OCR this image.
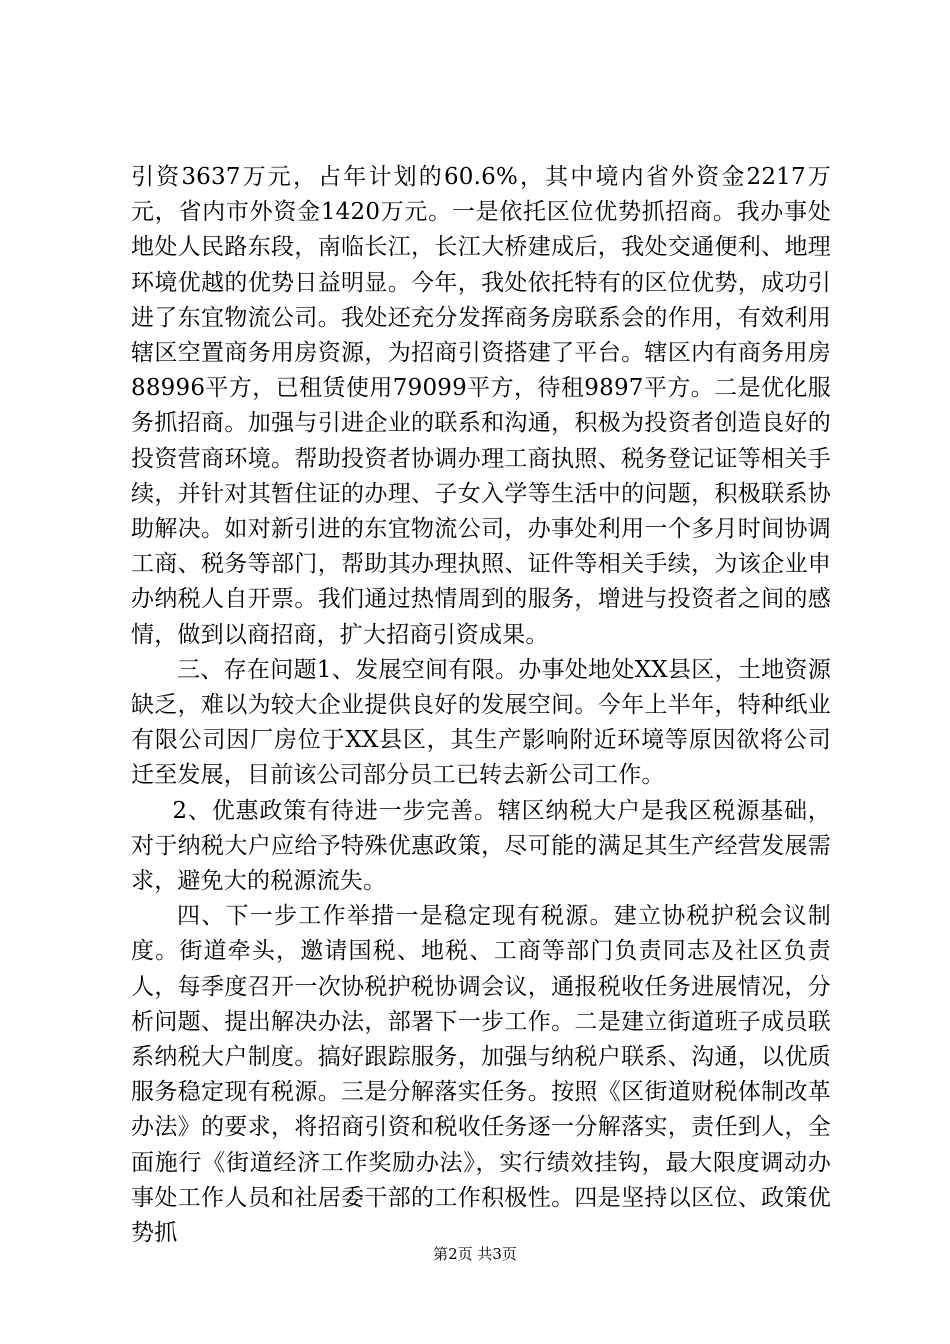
引资3637万元，占年计划的60.6%，其中境内省外资金2217万元，省内市外资金1420万元。一是依托区位优势抓招商。我办事处地处人民路东段，南临长江，长江大桥建成后，我处交通便利、地理环境优越的优势日益明显。今年，我处依托特有的区位优势，成功引进了东宜物流公司。我处还充分发挥商务房联系会的作用，有效利用辖区空置商务用房资源，为招商引资搭建了平台。辖区内有商务用房88996平方，已租赁使用79099平方，待租9897平方。二是优化服务抓招商。加强与引进企业的联系和沟通，积极为投资者创造良好的投资营商环境。帮助投资者协调办理工商执照、税务登记证等相关手续，并针对其暂住证的办理、子女入学等生活中的问题，积极联系协助解决。如对新引进的东宜物流公司，办事处利用一个多月时间协调工商、税务等部门，帮助其办理执照、证件等相关手续，为该企业申办纳税人自开票。我们通过热情周到的服务，增进与投资者之间的感情，做到以商招商，扩大招商引资成果。

三、存在问题1、发展空间有限。办事处地处XX县区，土地资源缺乏，难以为较大企业提供良好的发展空间。今年上半年，特种纸业有限公司因厂房位于XX县区，其生产影响附近环境等原因欲将公司迁至发展，目前该公司部分员工已转去新公司工作。

2、优惠政策有待进一步完善。辖区纳税大户是我区税源基础，对于纳税大户应给予特殊优惠政策，尽可能的满足其生产经营发展需求，避免大的税源流失。

四、下一步工作举措一是稳定现有税源。建立协税护税会议制度。街道牵头，邀请国税、地税、工商等部门负责同志及社区负责人，每季度召开一次协税护税协调会议，通报税收任务进展情况，分析问题、提出解决办法，部署下一步工作。二是建立街道班子成员联系纳税大户制度。搞好跟踪服务，加强与纳税户联系、沟通，以优质服务稳定现有税源。三是分解落实任务。按照《区街道财税体制改革办法》的要求，将招商引资和税收任务逐一分解落实，责任到人，全面施行《街道经济工作奖励办法》，实行绩效挂钩，最大限度调动办事处工作人员和社居委干部的工作积极性。四是坚持以区位、政策优势抓

第2页 共3页
